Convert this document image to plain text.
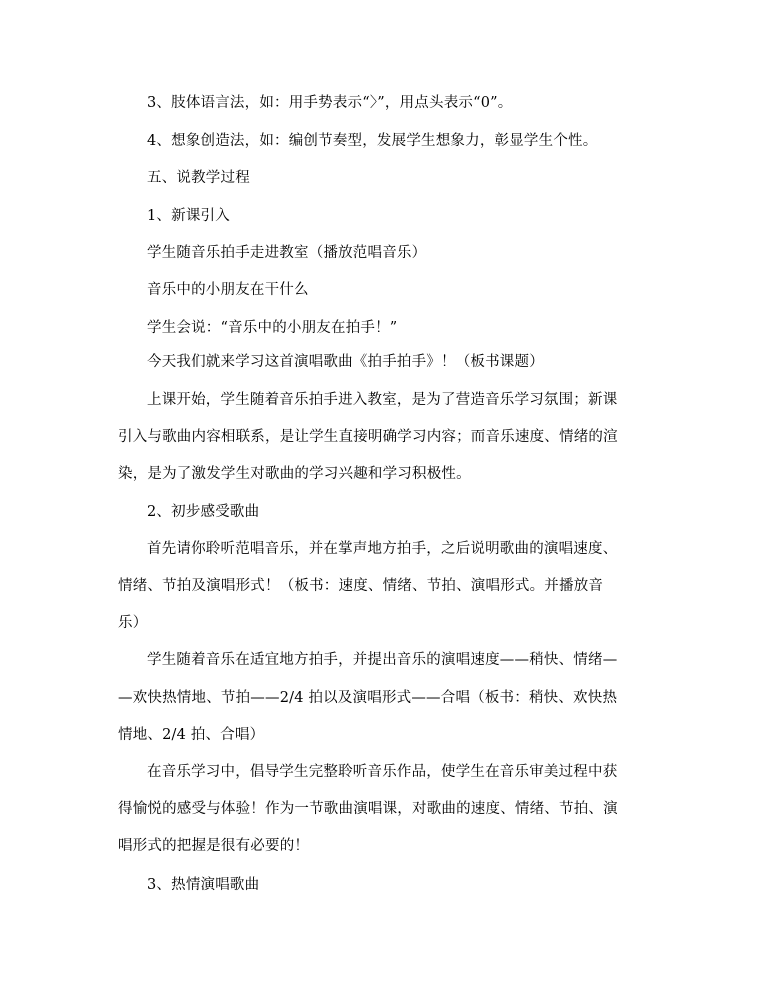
3、肢体语言法，如：用手势表示“〉”，用点头表示“0”。
4、想象创造法，如：编创节奏型，发展学生想象力，彰显学生个性。
五、说教学过程
1、新课引入
学生随音乐拍手走进教室（播放范唱音乐）
音乐中的小朋友在干什么
学生会说：“音乐中的小朋友在拍手！”
今天我们就来学习这首演唱歌曲《拍手拍手》！（板书课题）
上课开始，学生随着音乐拍手进入教室，是为了营造音乐学习氛围；新课
引入与歌曲内容相联系，是让学生直接明确学习内容；而音乐速度、情绪的渲
染，是为了激发学生对歌曲的学习兴趣和学习积极性。
2、初步感受歌曲
首先请你聆听范唱音乐，并在掌声地方拍手，之后说明歌曲的演唱速度、
情绪、节拍及演唱形式！（板书：速度、情绪、节拍、演唱形式。并播放音
乐）
学生随着音乐在适宜地方拍手，并提出音乐的演唱速度——稍快、情绪—
—欢快热情地、节拍——2/4 拍以及演唱形式——合唱（板书：稍快、欢快热
情地、2/4 拍、合唱）
在音乐学习中，倡导学生完整聆听音乐作品，使学生在音乐审美过程中获
得愉悦的感受与体验！作为一节歌曲演唱课，对歌曲的速度、情绪、节拍、演
唱形式的把握是很有必要的！
3、热情演唱歌曲
